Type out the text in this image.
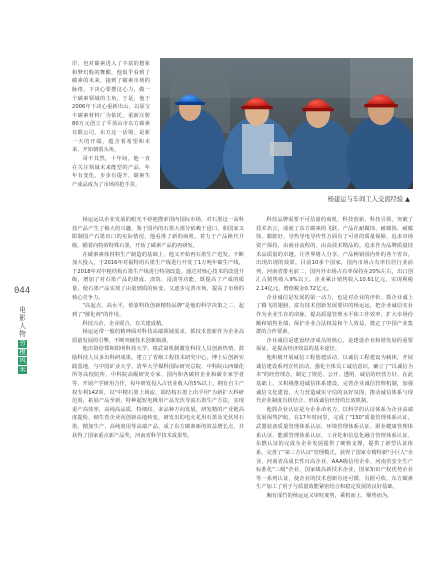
044
电
影
人
物
劳
模
风
采

岸，也对碳素进入了丰富的想象和梦幻般的舞酣，他似乎看到了碳素的未来，接到了碳素市场的脉络，下决心要摆这心力，做一个碳素领域的主角。于是，他于2006年下决心重新出山，以原宝丰碳素材料厂为依托，重新注册80万元创立了平顶山市东方碳素有限公司，东方这一话境，是新一天的开端，蕴含着希望和未来，开始朝霞头角。

哥不其然，十年间，他一直在关注领域未来能型的产品，年年有变化，步步有提升，碳素生产成品成为了市场的抢手货。

杨建运与车间工人交流经验 ▲

杨运运以企业发展的眼光不停地搜索国内国际市场，对石墨这一高科技产品产生了极大的兴趣，鉴于国内的石墨大部分依赖于进口，和国家又限制国产石墨出口的实际情况，他看准了新的商机，着力于产品换代升级，瞄着向特效特殊石墨，开始了碳素产品的再研发。

在碳素素体材料生产制造的基础上，他又开始再石墨生产进发。不断加大投入，于2016年对福特的石墨生产线进行开发了1万吨年碳生产线，于2018年对中粗结构石墨生产线进行特别改造。通过对核心技术的改进升级，增加了对石墨产品的烧成、浇筑、浸渍等功能，既提高了产成的质量，使石墨产品实现了由量到质的转变，又逐步完善市场，提高了市场的核心竞争力。

"高起点、高水平，依靠科技创新精特品牌"是他的科学决策之二，起到了"催化剂"的作用。

科技兴企，企业联合，有关建成精。

杨运运带一般的精神面对科技高端领域需求，抓技术创新作为企业高质量发展的引擎，不断突破技术创新瓶颈。

他出资给郑和阳明科技大学，将武第机制激发科技人员创新热情，鼓励科技人员多出科研成果。建立了省级工程技术研究中心，博士后创新实践基地，与中国矿业大学、清华大学煤科国际研究总院、中科院山西煤化所等高校院所、中科院高级研究专家、国内和各碳材企业和碳专家学者等，开展产学研用合作，每年研发投入占营业收入的5%以上，拥有自主产权专利142项，以"中精石墨上场流、端结构石墨上出平坦"为新扩大科研范围，拓展产品至新，特种超短电极用产品光伏导流石墨生产方法，实现重产高效率，高纯高品质，特细纹、多品种方向发展，研发精的产业链高度提检，细生育企业向创新高地转变，研发出的电火花用石墨及光伏用石墨、精加生产、高纯度用等高端产品，成了东方碳素新的效益增长点，并获得了国家重点新产品奖，河南省科学技术成果奖。

科技品牌需要不可估量的商机，科技创新，科技引领，突破了技术名言，成就了东方碳素的飞跃，产品在耐腐蚀、耐腐蚀、耐腐蚀、膨胀好、导热导电导传性方面有了可喜的质量保障，追求市场资产保持，由商业流程的，由高技术精品的。追求作为品牌质量技术品质量的卓越。让世界将人分享。产品畅销国内外的各个省市，出现出现的效果。目前10多个国家，国内市场占有率位居行业前列，河南省排名前二，国内外市场占有率保持在20%左右，出口创汇占销售收入9%以上。企业累计销售收入10.61亿元，实现利税2.14亿元，增值税金0.72亿元。

企业诚信是发展的第一动力，也是对企业的评价。抓企业诚上了腾飞的翅膀，富有技术创新发展要识的杨运运，把企业诚信实业作为企业生存的命脉，提高质量管理水平和工作效率，扩大市场份额和销售业绩，保护企业合法权益和个人效益，奠定了中国产业集群的合作要素。

企业诚信是建设经济成员的核心，是建设企业和谐发展的重要保证，是提高经济效益的基本途径。

他积极开展诚信工程创建活动，以诚信工程建设为载体，开展诚信建设系列宣传活动，强化全体员工诚信意识，确立了"以诚信为本"的经营理念，制定了规范、公开、透明、诚信的经营方针。在此基础上，又积极推进诚信体系建设，完善企业诚信管理机制，加强诚信文化建设，大力营造诚实守信的良好氛围，推动诚信体系与现代企业制度有机结合，形成诚信经营的长效机制。

他抓企业认证是为企业命名力，以科学的认证体系为企业高端发展保驾护航，在17年时间里，完成了"150"质量管理体系认证，武器装备质量管理体系认证、环境管理体系认证、职业健康管理体系认证、能源管理体系认证、工业化和信息化融合管理体系认证、东燃认证的完成为企业发展提供了硬核支撑，提供了新型认证体系，完善了"第三方认证"管理模式，获得了国家专精特新"小巨人"企业，河南省高成长性百高企业、AAA级信用企业、河南省安全生产标准化"三级"企业、国家级高新技术企业，国家知识产权优势企业等一系列认证，使企业的技术创新有迹可循，有据可依，东方碳素生产加工了用于与质量效能紧密结合和稳定发展的良好基础。

胸有成竹的杨运运又审时度势，乘机而上，顺势而为。
